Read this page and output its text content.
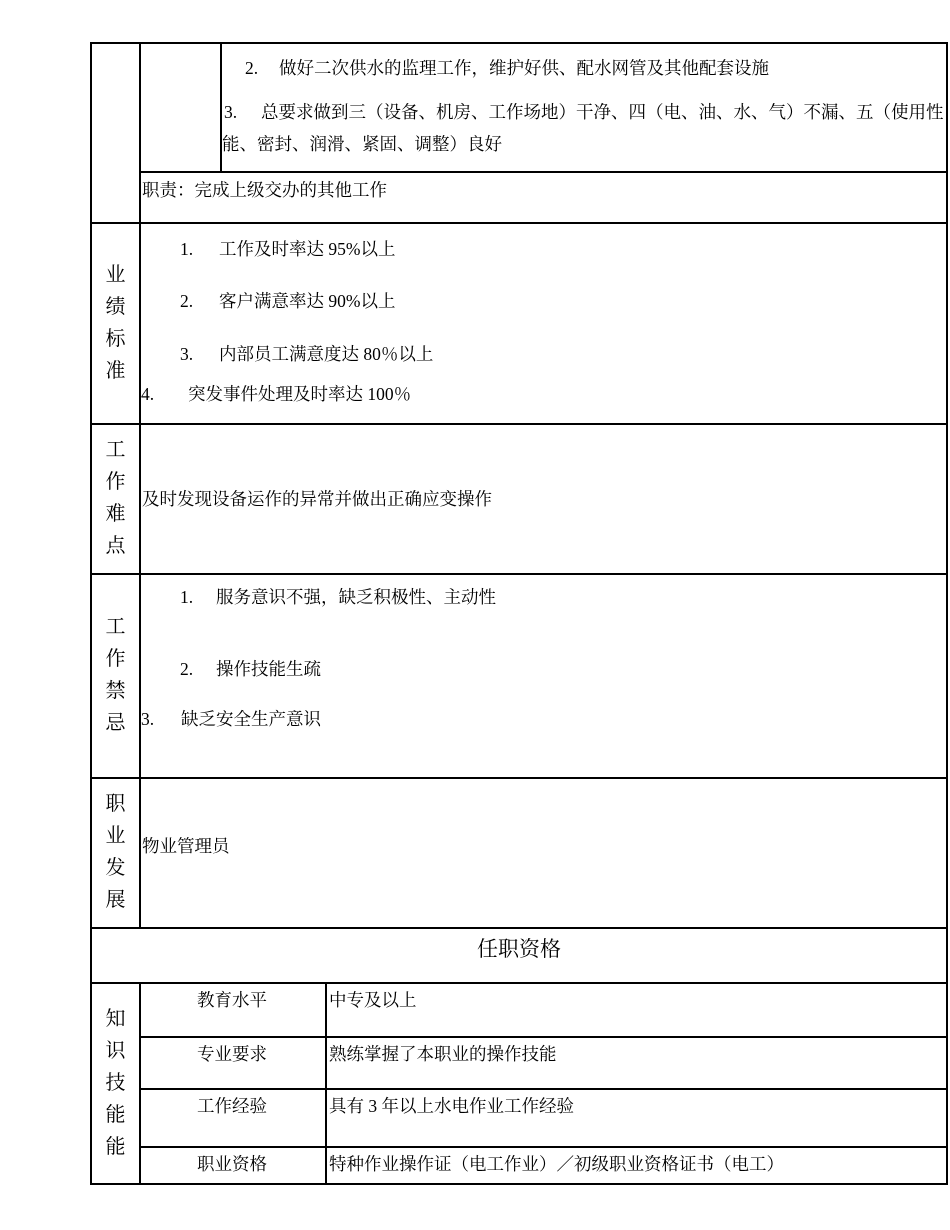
2. 做好二次供水的监理工作，维护好供、配水网管及其他配套设施
3. 总要求做到三（设备、机房、工作场地）干净、四（电、油、水、气）不漏、五（使用性能、密封、润滑、紧固、调整）良好
职责：完成上级交办的其他工作
业绩标准
1. 工作及时率达 95%以上
2. 客户满意率达 90%以上
3. 内部员工满意度达 80％以上
4. 突发事件处理及时率达 100％
工作难点
及时发现设备运作的异常并做出正确应变操作
工作禁忌
1. 服务意识不强，缺乏积极性、主动性
2. 操作技能生疏
3. 缺乏安全生产意识
职业发展
物业管理员
任职资格
知识技能能
教育水平	中专及以上
专业要求	熟练掌握了本职业的操作技能
工作经验	具有 3 年以上水电作业工作经验
职业资格	特种作业操作证（电工作业）／初级职业资格证书（电工）
